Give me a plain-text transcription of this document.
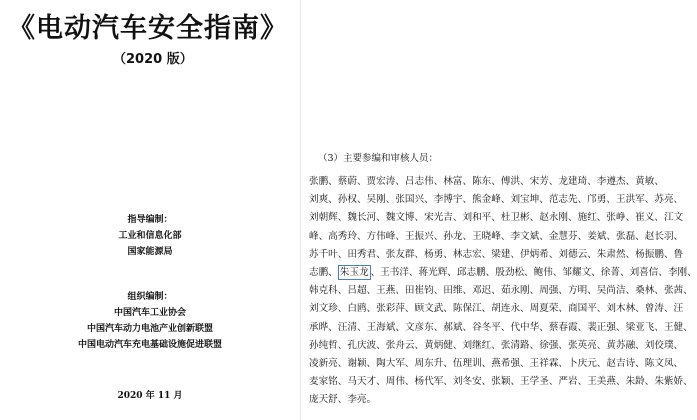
《电动汽车安全指南》
（2020 版）
指导编制：
工业和信息化部
国家能源局
组织编制：
中国汽车工业协会
中国汽车动力电池产业创新联盟
中国电动汽车充电基础设施促进联盟
2020 年 11 月
（3）主要参编和审核人员：
张鹏、蔡蔚、贾宏涛、吕志伟、林富、陈东、傅洪、宋芳、龙建琦、李遵杰、黄敏、
刘爽、孙权、吴刚、张国兴、李博宇、熊金峰、刘宝坤、范志先、邝勇、王洪军、苏亮、
刘朝辉、魏长河、魏文博、宋光吉、刘和平、杜卫彬、赵永刚、施红、张峥、崔义、江文
峰、高秀玲、方伟峰、王振兴、孙龙、王晓峰、李文斌、金慧芬、姜斌、张磊、赵长羽、
苏千叶、田秀君、张友群、杨勇、林志宏、梁建、伊炳希、刘德云、朱肃然、杨振鹏、鲁
志鹏、 朱玉龙 、王书洋、蒋光辉、邱志鹏、殷劲松、鲍伟、邹耀文、徐菁、刘喜信、李刚、
韩克科、吕超、王燕、田崔钧、田维、邓迟、茹永刚、周强、方明、吴尚洁、桑林、张茜、
刘文珍、白鸥、张彩萍、顾文武、陈保江、胡连永、周夏荣、商国平、刘木林、曾涛、汪
承晔、汪清、王海斌、文彦东、郝斌、谷冬平、代中华、蔡春霞、裴正强、梁亚飞、王健、
孙纯哲、孔庆波、张舟云、黄炳健、刘继红、张清路、徐强、张英亮、黄苏融、刘佼璞、
凌新亮、谢颖、陶大军、周东升、伍理训、燕希强、王祥霖、卜庆元、赵吉诗、陈文凤、
麦家铭、马天才、周伟、杨代军、刘冬安、张颖、王学圣、严岩、王美燕、朱龄、朱紫娇、
庞天舒、李亮。
